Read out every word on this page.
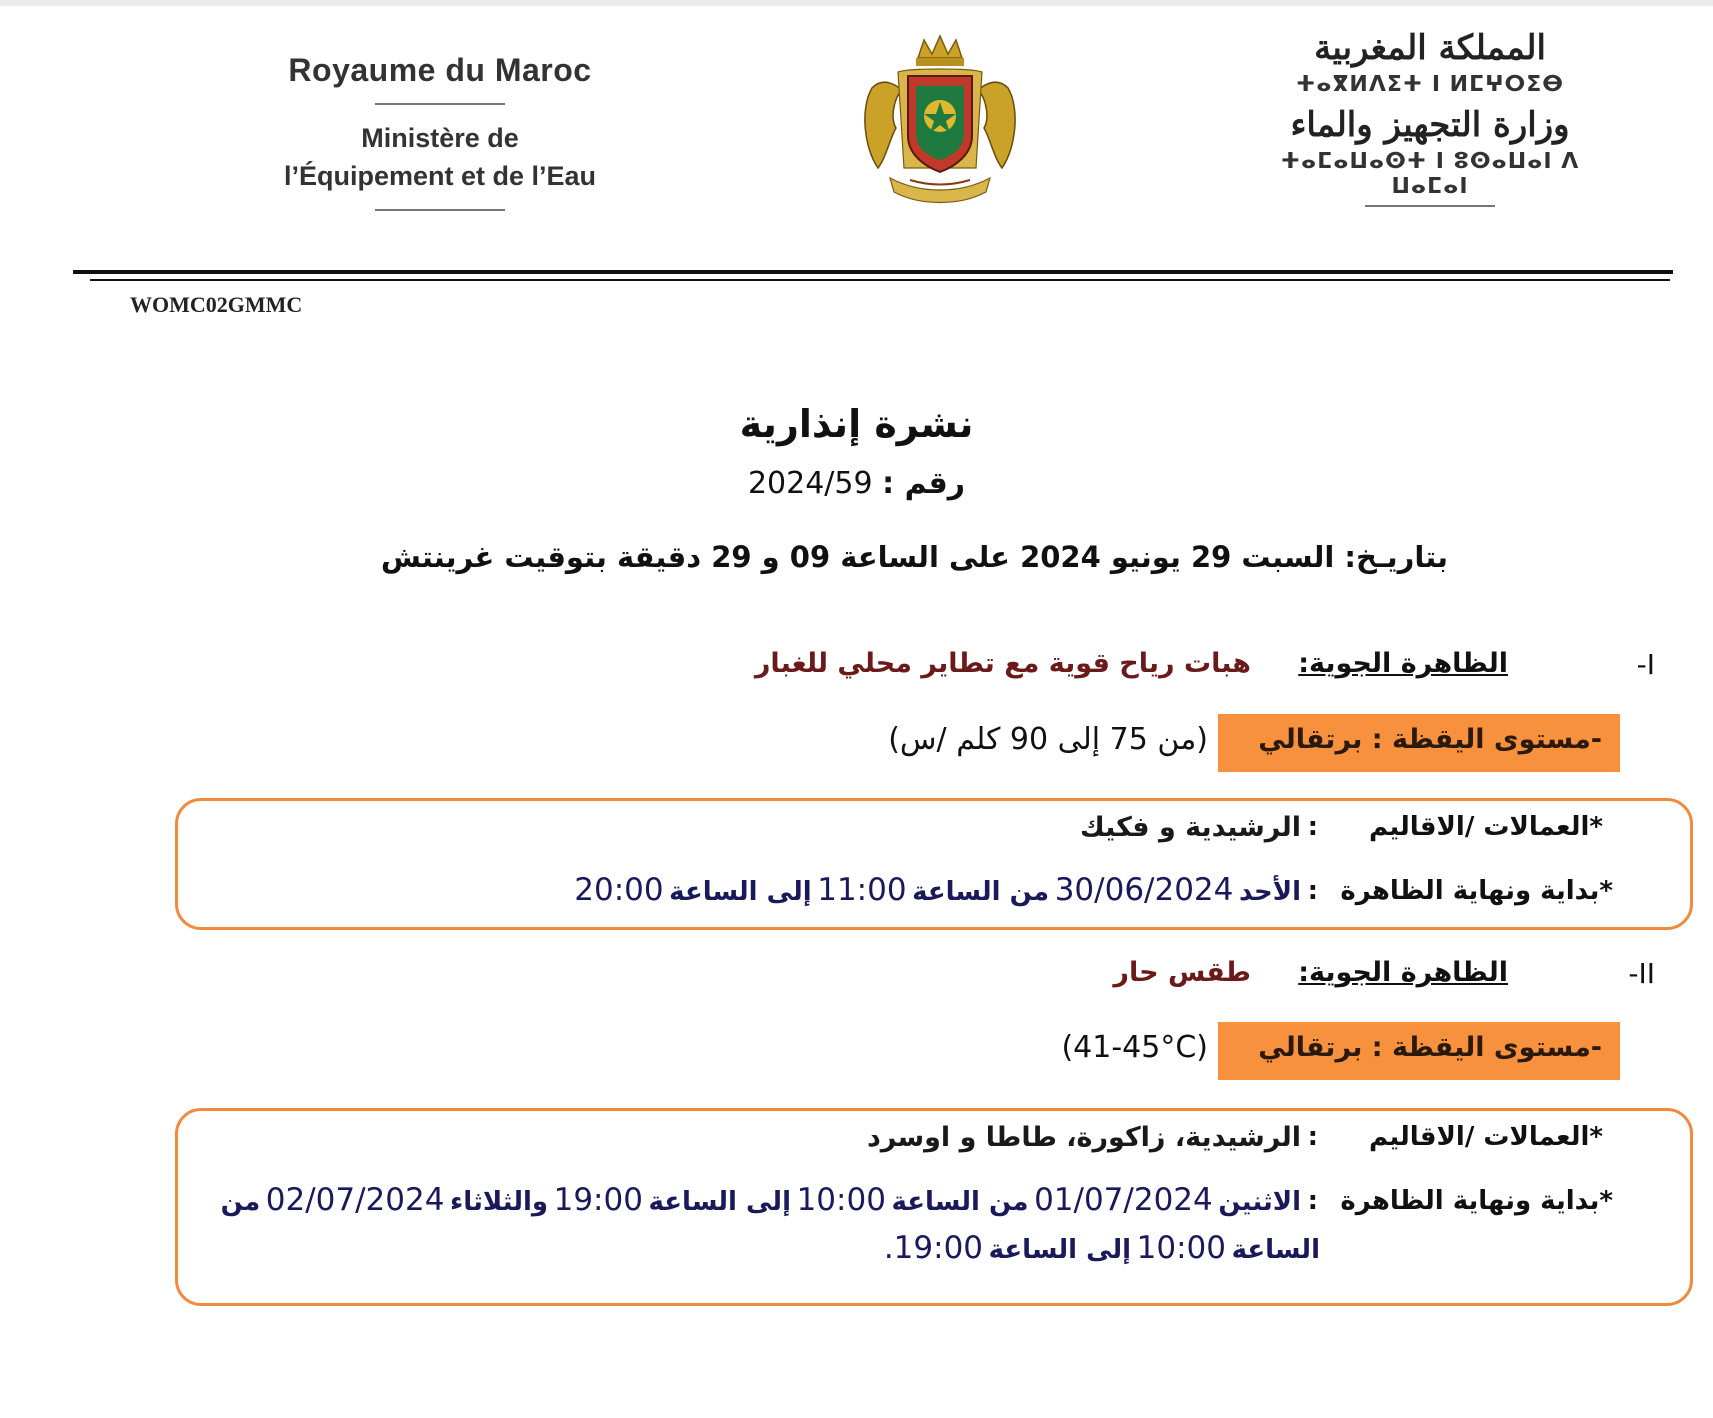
Royaume du Maroc
Ministère de
l’Équipement et de l’Eau
المملكة المغربية
ⵜⴰⴳⵍⴷⵉⵜ ⵏ ⵍⵎⵖⵔⵉⴱ
وزارة التجهيز والماء
ⵜⴰⵎⴰⵡⴰⵙⵜ ⵏ ⵓⵙⴰⵡⴰⵏ ⴷ ⵡⴰⵎⴰⵏ
WOMC02GMMC
نشرة إنذارية
رقم : 2024/59
بتاريـخ: السبت 29 يونيو 2024 على الساعة 09 و 29 دقيقة بتوقيت غرينتش
I-
الظاهرة الجوية:
هبات رياح قوية مع تطاير محلي للغبار
-مستوى اليقظة : برتقالي
(من 75 إلى 90 كلم /س)
*العمالات /الاقاليم
:
الرشيدية و فكيك
*بداية ونهاية الظاهرة
:
الأحد 30/06/2024 من الساعة 11:00 إلى الساعة 20:00
II-
الظاهرة الجوية:
طقس حار
-مستوى اليقظة : برتقالي
(41-45°C)
*العمالات /الاقاليم
:
الرشيدية، زاكورة، طاطا و اوسرد
*بداية ونهاية الظاهرة
:
الاثنين 01/07/2024 من الساعة 10:00 إلى الساعة 19:00 والثلاثاء 02/07/2024 من
الساعة 10:00 إلى الساعة 19:00.
